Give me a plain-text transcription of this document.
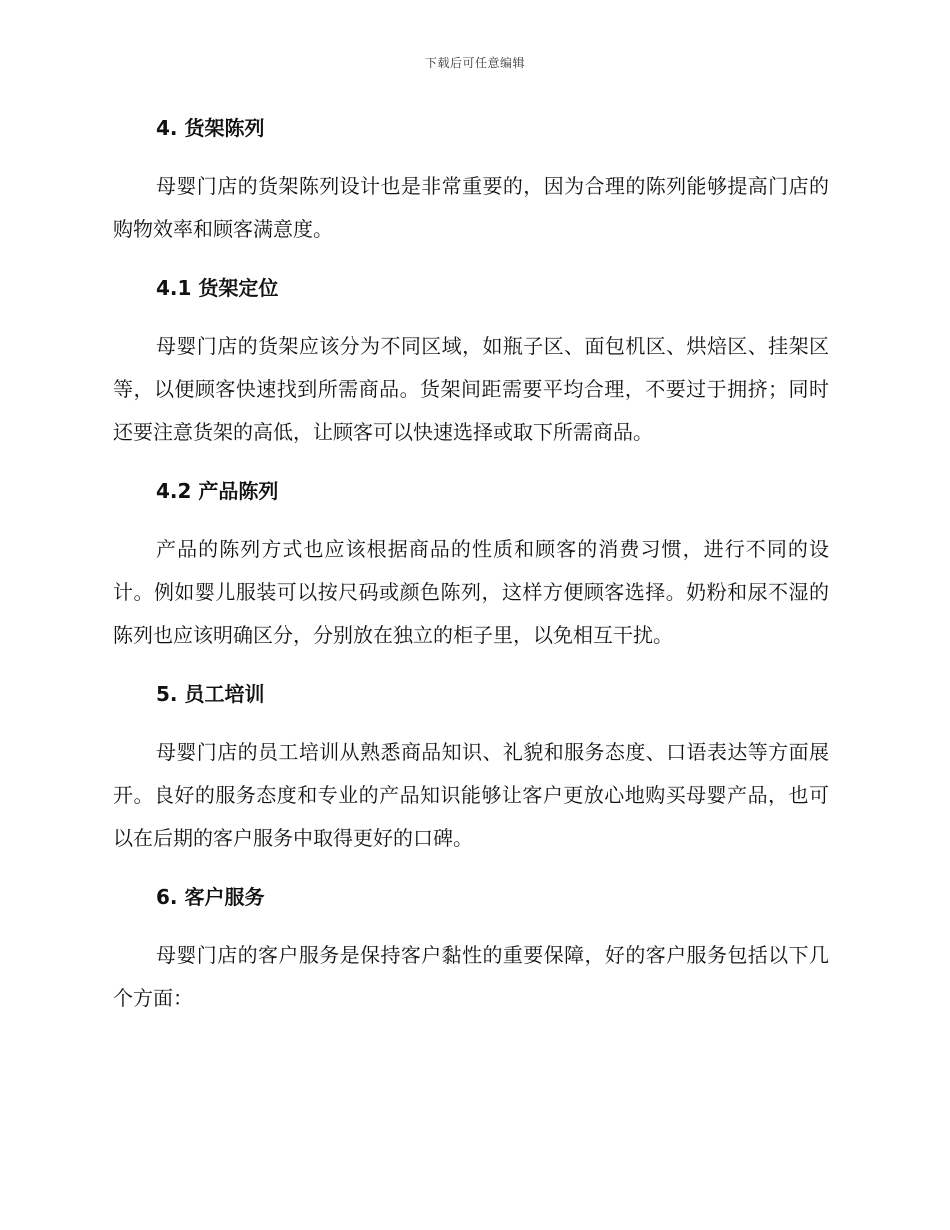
下载后可任意编辑
4. 货架陈列

母婴门店的货架陈列设计也是非常重要的，因为合理的陈列能够提高门店的购物效率和顾客满意度。

4.1 货架定位

母婴门店的货架应该分为不同区域，如瓶子区、面包机区、烘焙区、挂架区等，以便顾客快速找到所需商品。货架间距需要平均合理，不要过于拥挤；同时还要注意货架的高低，让顾客可以快速选择或取下所需商品。

4.2 产品陈列

产品的陈列方式也应该根据商品的性质和顾客的消费习惯，进行不同的设计。例如婴儿服装可以按尺码或颜色陈列，这样方便顾客选择。奶粉和尿不湿的陈列也应该明确区分，分别放在独立的柜子里，以免相互干扰。

5. 员工培训

母婴门店的员工培训从熟悉商品知识、礼貌和服务态度、口语表达等方面展开。良好的服务态度和专业的产品知识能够让客户更放心地购买母婴产品，也可以在后期的客户服务中取得更好的口碑。

6. 客户服务

母婴门店的客户服务是保持客户黏性的重要保障，好的客户服务包括以下几个方面：
